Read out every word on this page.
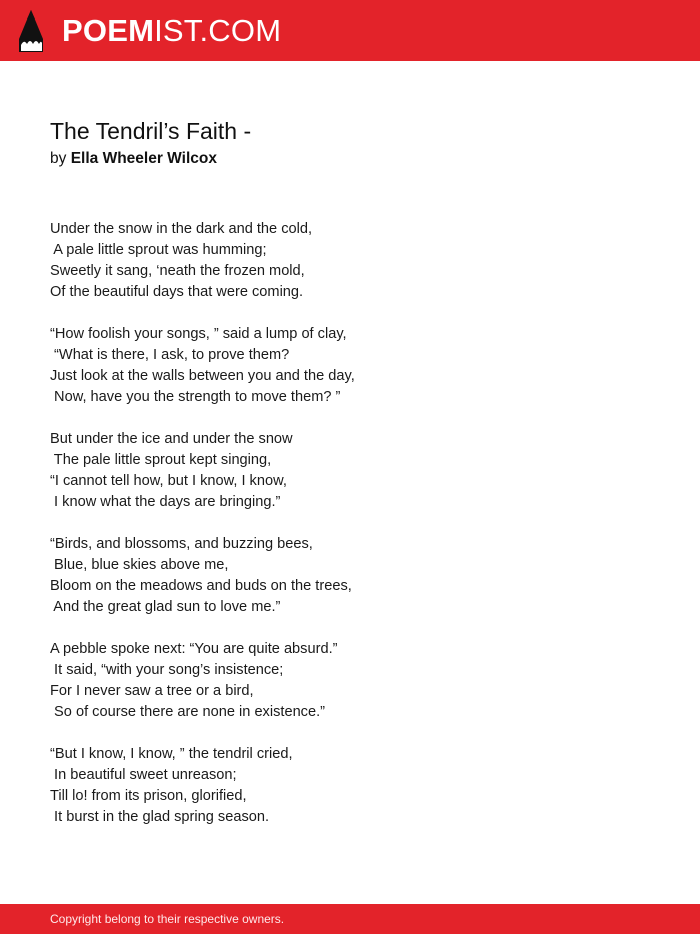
POEMIST.COM
The Tendril’s Faith -
by Ella Wheeler Wilcox
Under the snow in the dark and the cold,
A pale little sprout was humming;
Sweetly it sang, ‘neath the frozen mold,
Of the beautiful days that were coming.
“How foolish your songs, ” said a lump of clay,
“What is there, I ask, to prove them?
Just look at the walls between you and the day,
Now, have you the strength to move them? ”
But under the ice and under the snow
The pale little sprout kept singing,
“I cannot tell how, but I know, I know,
I know what the days are bringing.”
“Birds, and blossoms, and buzzing bees,
Blue, blue skies above me,
Bloom on the meadows and buds on the trees,
And the great glad sun to love me.”
A pebble spoke next: “You are quite absurd.”
It said, “with your song’s insistence;
For I never saw a tree or a bird,
So of course there are none in existence.”
“But I know, I know, ” the tendril cried,
In beautiful sweet unreason;
Till lo! from its prison, glorified,
It burst in the glad spring season.
Copyright belong to their respective owners.
